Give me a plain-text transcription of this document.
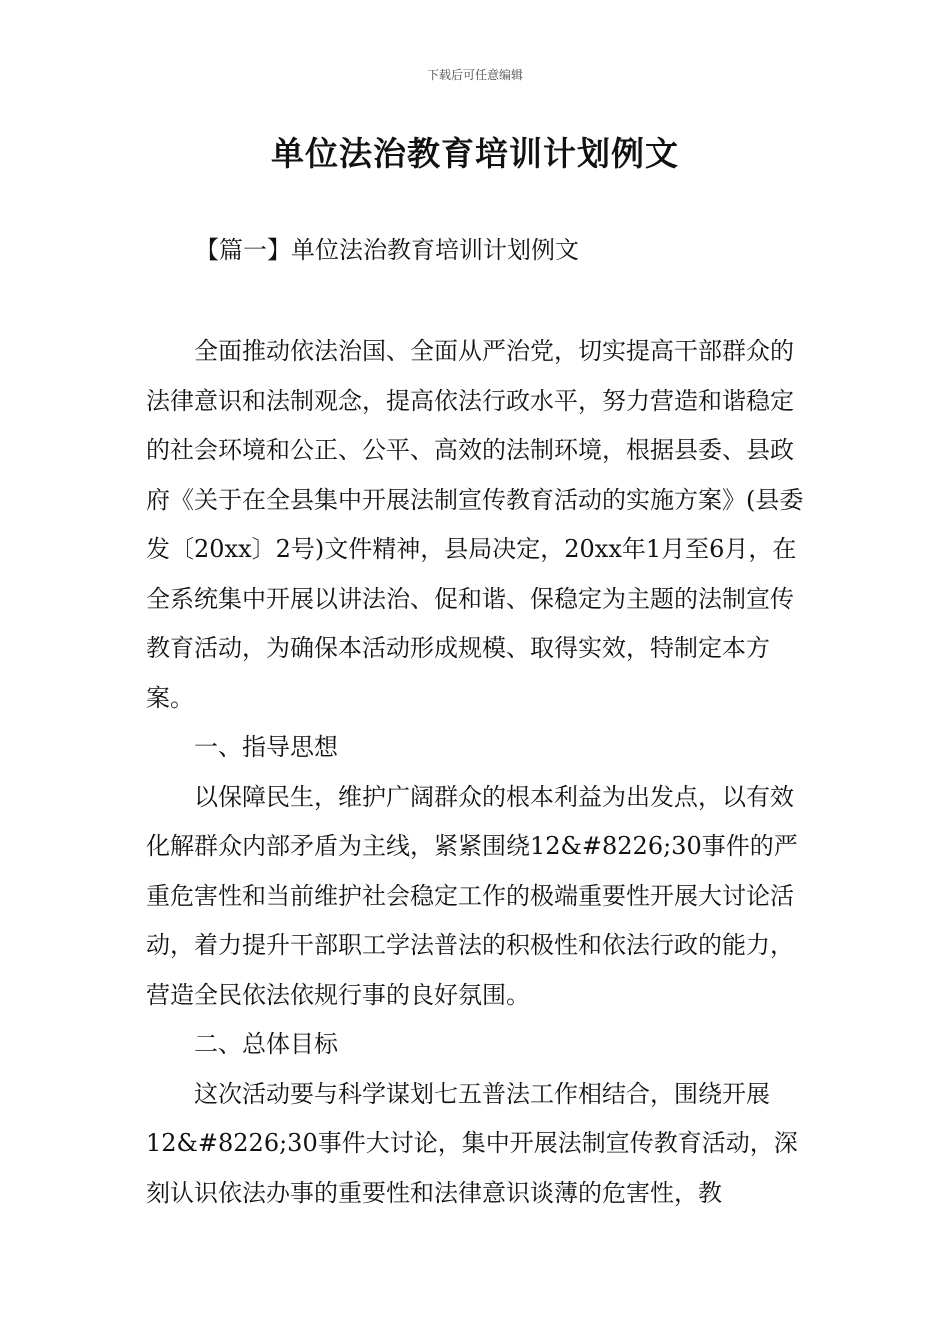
下载后可任意编辑
单位法治教育培训计划例文
【篇一】单位法治教育培训计划例文

全面推动依法治国、全面从严治党，切实提高干部群众的法律意识和法制观念，提高依法行政水平，努力营造和谐稳定的社会环境和公正、公平、高效的法制环境，根据县委、县政府《关于在全县集中开展法制宣传教育活动的实施方案》(县委发〔20xx〕2号)文件精神，县局决定，20xx年1月至6月，在全系统集中开展以讲法治、促和谐、保稳定为主题的法制宣传教育活动，为确保本活动形成规模、取得实效，特制定本方案。

一、指导思想

以保障民生，维护广阔群众的根本利益为出发点，以有效化解群众内部矛盾为主线，紧紧围绕12&#8226;30事件的严重危害性和当前维护社会稳定工作的极端重要性开展大讨论活动，着力提升干部职工学法普法的积极性和依法行政的能力，营造全民依法依规行事的良好氛围。

二、总体目标

这次活动要与科学谋划七五普法工作相结合，围绕开展12&#8226;30事件大讨论，集中开展法制宣传教育活动，深刻认识依法办事的重要性和法律意识谈薄的危害性，教
